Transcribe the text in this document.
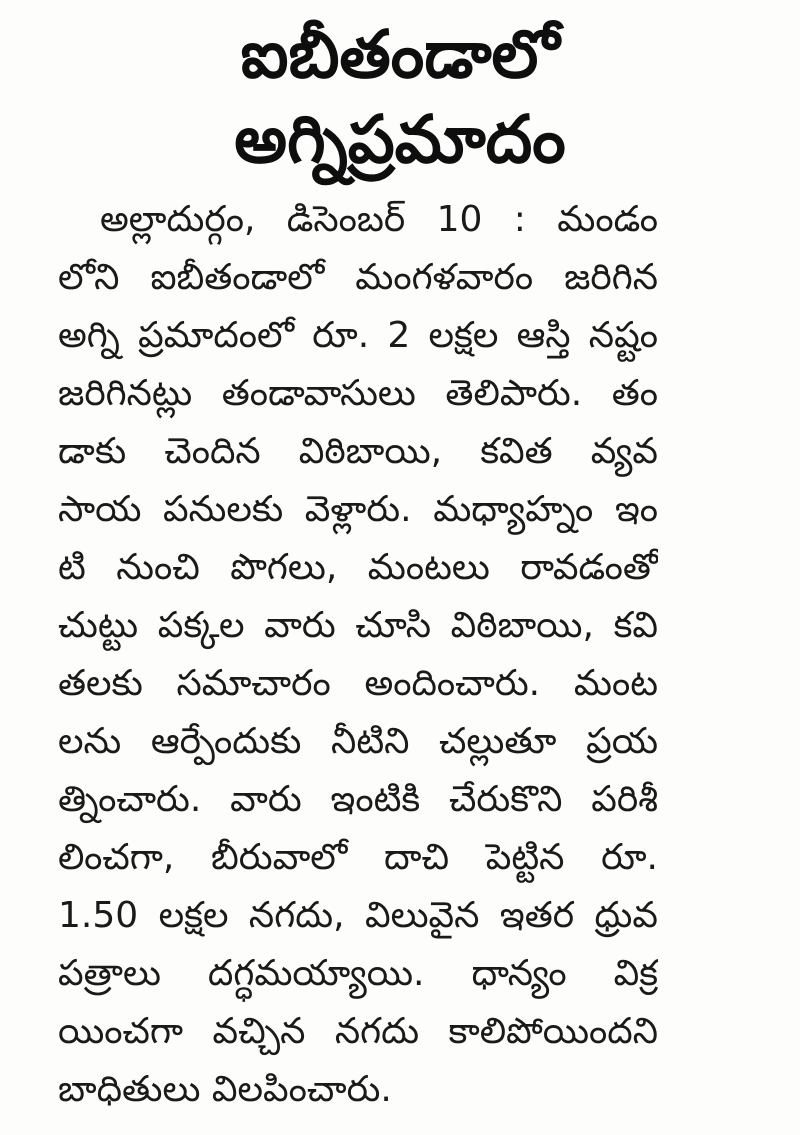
ఐబీతండాలో
అగ్నిప్రమాదం
అల్లాదుర్గం, డిసెంబర్ 10 : మండం
లోని ఐబీతండాలో మంగళవారం జరిగిన
అగ్ని ప్రమాదంలో రూ. 2 లక్షల ఆస్తి నష్టం
జరిగినట్లు తండావాసులు తెలిపారు. తం
డాకు చెందిన విఠిబాయి, కవిత వ్యవ
సాయ పనులకు వెళ్లారు. మధ్యాహ్నం ఇం
టి నుంచి పొగలు, మంటలు రావడంతో
చుట్టు పక్కల వారు చూసి విఠిబాయి, కవి
తలకు సమాచారం అందించారు. మంట
లను ఆర్పేందుకు నీటిని చల్లుతూ ప్రయ
త్నించారు. వారు ఇంటికి చేరుకొని పరిశీ
లించగా, బీరువాలో దాచి పెట్టిన రూ.
1.50 లక్షల నగదు, విలువైన ఇతర ధ్రువ
పత్రాలు దగ్ధమయ్యాయి. ధాన్యం విక్ర
యించగా వచ్చిన నగదు కాలిపోయిందని
బాధితులు విలపించారు.
